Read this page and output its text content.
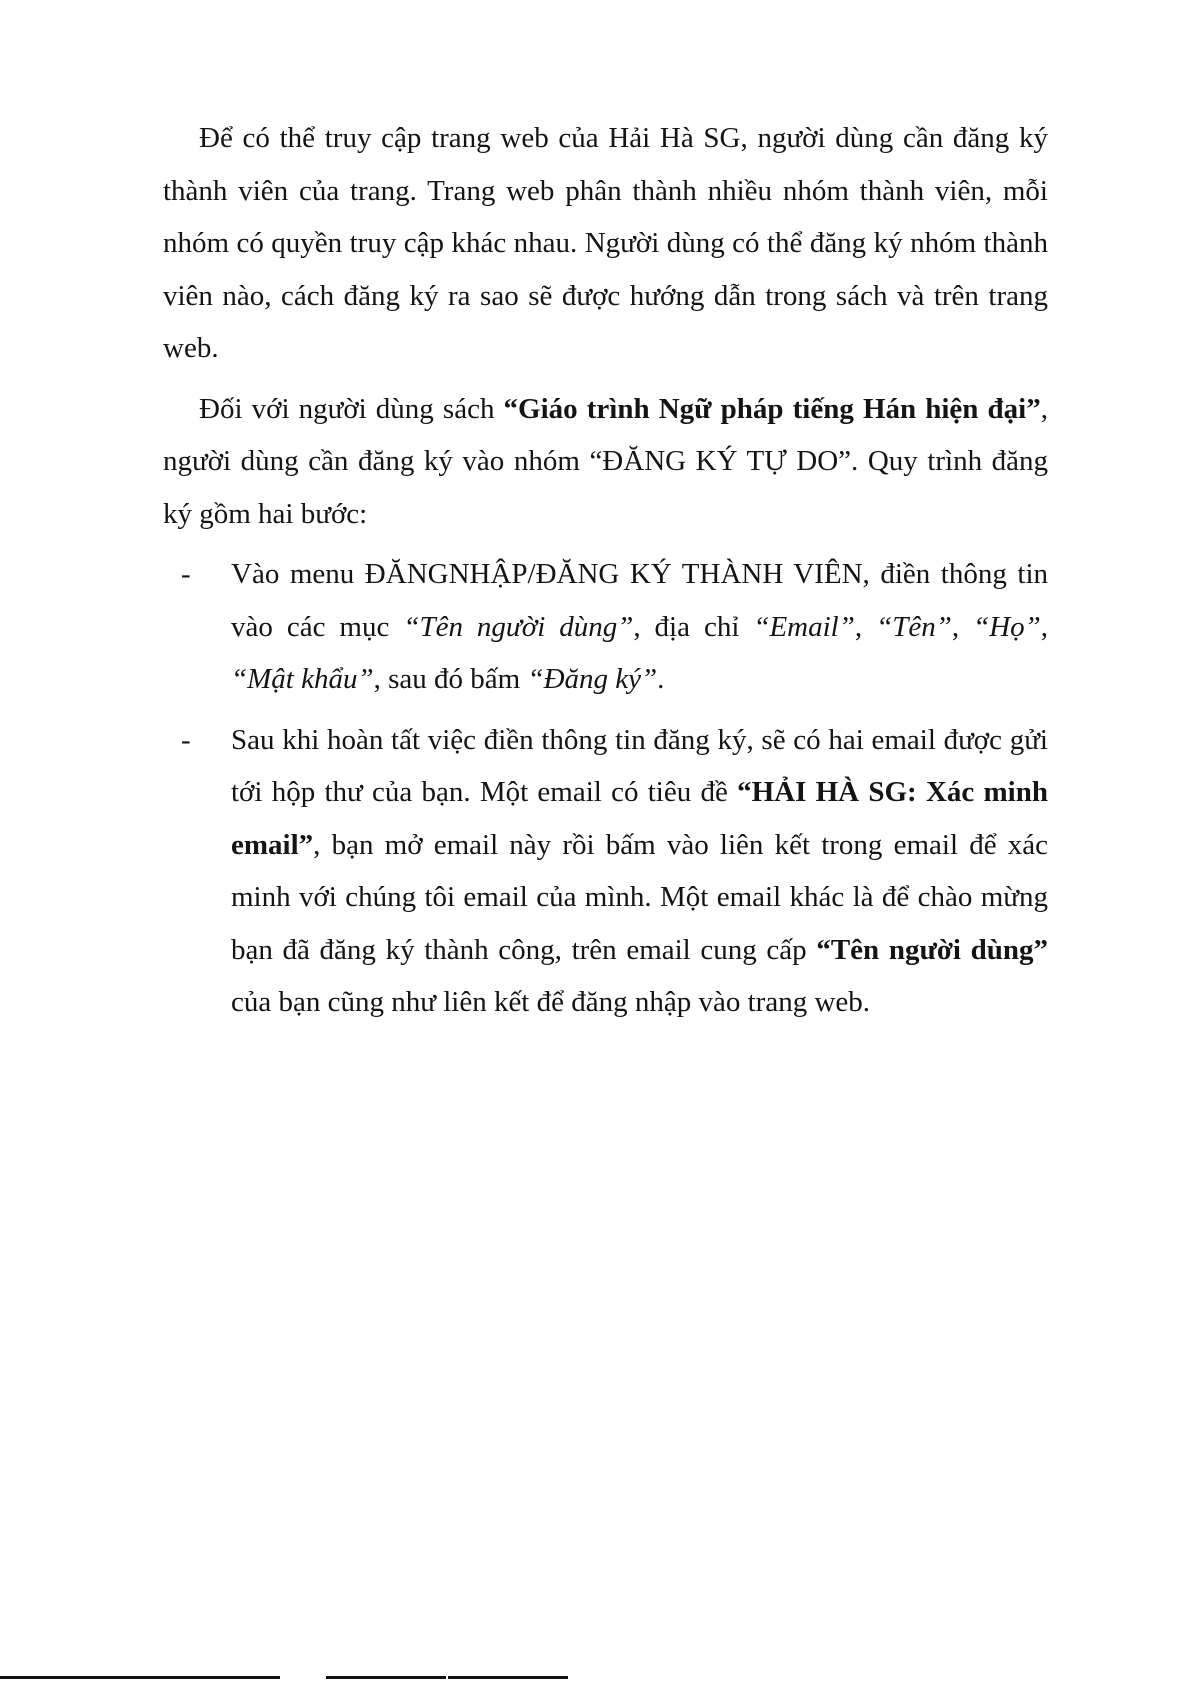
Để có thể truy cập trang web của Hải Hà SG, người dùng cần đăng ký thành viên của trang. Trang web phân thành nhiều nhóm thành viên, mỗi nhóm có quyền truy cập khác nhau. Người dùng có thể đăng ký nhóm thành viên nào, cách đăng ký ra sao sẽ được hướng dẫn trong sách và trên trang web.

Đối với người dùng sách “Giáo trình Ngữ pháp tiếng Hán hiện đại”, người dùng cần đăng ký vào nhóm “ĐĂNG KÝ TỰ DO”. Quy trình đăng ký gồm hai bước:

- Vào menu ĐĂNGNHẬP/ĐĂNG KÝ THÀNH VIÊN, điền thông tin vào các mục “Tên người dùng”, địa chỉ “Email”, “Tên”, “Họ”, “Mật khẩu”, sau đó bấm “Đăng ký”.
- Sau khi hoàn tất việc điền thông tin đăng ký, sẽ có hai email được gửi tới hộp thư của bạn. Một email có tiêu đề “HẢI HÀ SG: Xác minh email”, bạn mở email này rồi bấm vào liên kết trong email để xác minh với chúng tôi email của mình. Một email khác là để chào mừng bạn đã đăng ký thành công, trên email cung cấp “Tên người dùng” của bạn cũng như liên kết để đăng nhập vào trang web.
